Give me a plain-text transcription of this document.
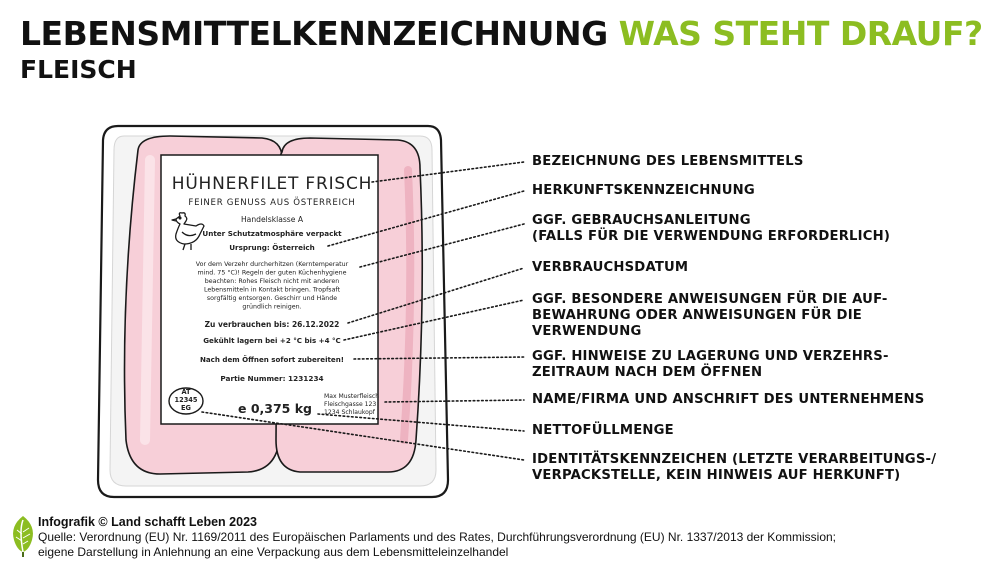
LEBENSMITTELKENNZEICHNUNG WAS STEHT DRAUF?
FLEISCH
HÜHNERFILET FRISCH
FEINER GENUSS AUS ÖSTERREICH
Handelsklasse A
Unter Schutzatmosphäre verpackt
Ursprung: Österreich
Vor dem Verzehr durcherhitzen (Kerntemperatur
mind. 75 °C)! Regeln der guten Küchenhygiene
beachten: Rohes Fleisch nicht mit anderen
Lebensmitteln in Kontakt bringen. Tropfsaft
sorgfältig entsorgen. Geschirr und Hände
gründlich reinigen.
Zu verbrauchen bis: 26.12.2022
Gekühlt lagern bei +2 °C bis +4 °C
Nach dem Öffnen sofort zubereiten!
Partie Nummer: 1231234
AT
12345
EG	e 0,375 kg
Max Musterfleisch
Fleischgasse 123
1234 Schlaukopf
BEZEICHNUNG DES LEBENSMITTELS
HERKUNFTSKENNZEICHNUNG
GGF. GEBRAUCHSANLEITUNG
(FALLS FÜR DIE VERWENDUNG ERFORDERLICH)
VERBRAUCHSDATUM
GGF. BESONDERE ANWEISUNGEN FÜR DIE AUF-
BEWAHRUNG ODER ANWEISUNGEN FÜR DIE
VERWENDUNG
GGF. HINWEISE ZU LAGERUNG UND VERZEHRS-
ZEITRAUM NACH DEM ÖFFNEN
NAME/FIRMA UND ANSCHRIFT DES UNTERNEHMENS
NETTOFÜLLMENGE
IDENTITÄTSKENNZEICHEN (LETZTE VERARBEITUNGS-/
VERPACKSTELLE, KEIN HINWEIS AUF HERKUNFT)
Infografik © Land schafft Leben 2023
Quelle: Verordnung (EU) Nr. 1169/2011 des Europäischen Parlaments und des Rates, Durchführungsverordnung (EU) Nr. 1337/2013 der Kommission;
eigene Darstellung in Anlehnung an eine Verpackung aus dem Lebensmitteleinzelhandel
